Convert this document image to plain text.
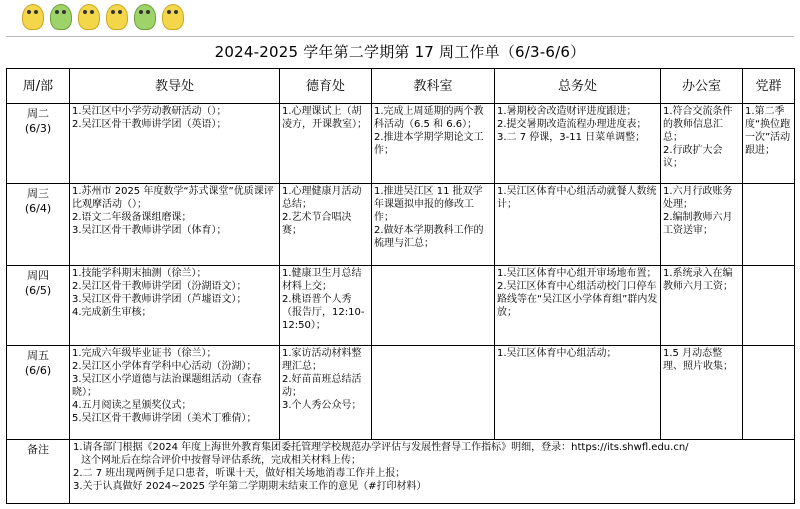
2024-2025 学年第二学期第 17 周工作单（6/3-6/6）
周/部	教导处	德育处	教科室	总务处	办公室	党群

周二
(6/3)	1.吴江区中小学劳动教研活动（）；
2.吴江区骨干教师讲学团（英语）；	1.心理课试上（胡凌方，开课教室）；	1.完成上周延期的两个教科活动（6.5 和 6.6）；
2.推进本学期学期论文工作；	1.暑期校舍改造财评进度跟进；
2.提交暑期改造流程办理进度表；
3.二 7 停课，3-11 日菜单调整；	1.符合交流条件的教师信息汇总；
2.行政扩大会议；	1.第二季度“换位跑一次”活动跟进；

周三
(6/4)	1.苏州市 2025 年度数学“苏式课堂”优质课评比观摩活动（）；
2.语文二年级备课组磨课；
3.吴江区骨干教师讲学团（体育）；	1.心理健康月活动总结；
2.艺术节合唱决赛；	1.推进吴江区 11 批双学年课题拟申报的修改工作；
2.做好本学期教科工作的梳理与汇总；	1.吴江区体育中心组活动就餐人数统计；	1.六月行政账务处理；
2.编制教师六月工资送审；	

周四
(6/5)	1.技能学科期末抽测（徐兰）；
2.吴江区骨干教师讲学团（汾湖语文）；
3.吴江区骨干教师讲学团（芦墟语文）；
4.完成新生审核；	1.健康卫生月总结材料上交；
2.桃语普个人秀（报告厅，12:10-12:50）；		1.吴江区体育中心组开审场地布置；
2.吴江区体育中心组活动校门口停车路线等在“吴江区小学体育组”群内发放；	1.系统录入在编教师六月工资；	

周五
(6/6)	1.完成六年级毕业证书（徐兰）；
2.吴江区小学体育学科中心活动（汾湖）；
3.吴江区小学道德与法治课题组活动（查春晓）；
4.五月阅读之星颁奖仪式；
5.吴江区骨干教师讲学团（美术丁雅倩）；	1.家访活动材料整理汇总；
2.好苗苗班总结活动；
3.个人秀公众号；		1.吴江区体育中心组活动；	1.5 月动态整理、照片收集；	

备注	1.请各部门根据《2024 年度上海世外教育集团委托管理学校规范办学评估与发展性督导工作指标》明细，登录：https://its.shwfl.edu.cn/
这个网址后在综合评价中按督导评估系统，完成相关材料上传；
2.二 7 班出现两例手足口患者，听课十天，做好相关场地消毒工作并上报；
3.关于认真做好 2024~2025 学年第二学期期末结束工作的意见（#打印材料）					
